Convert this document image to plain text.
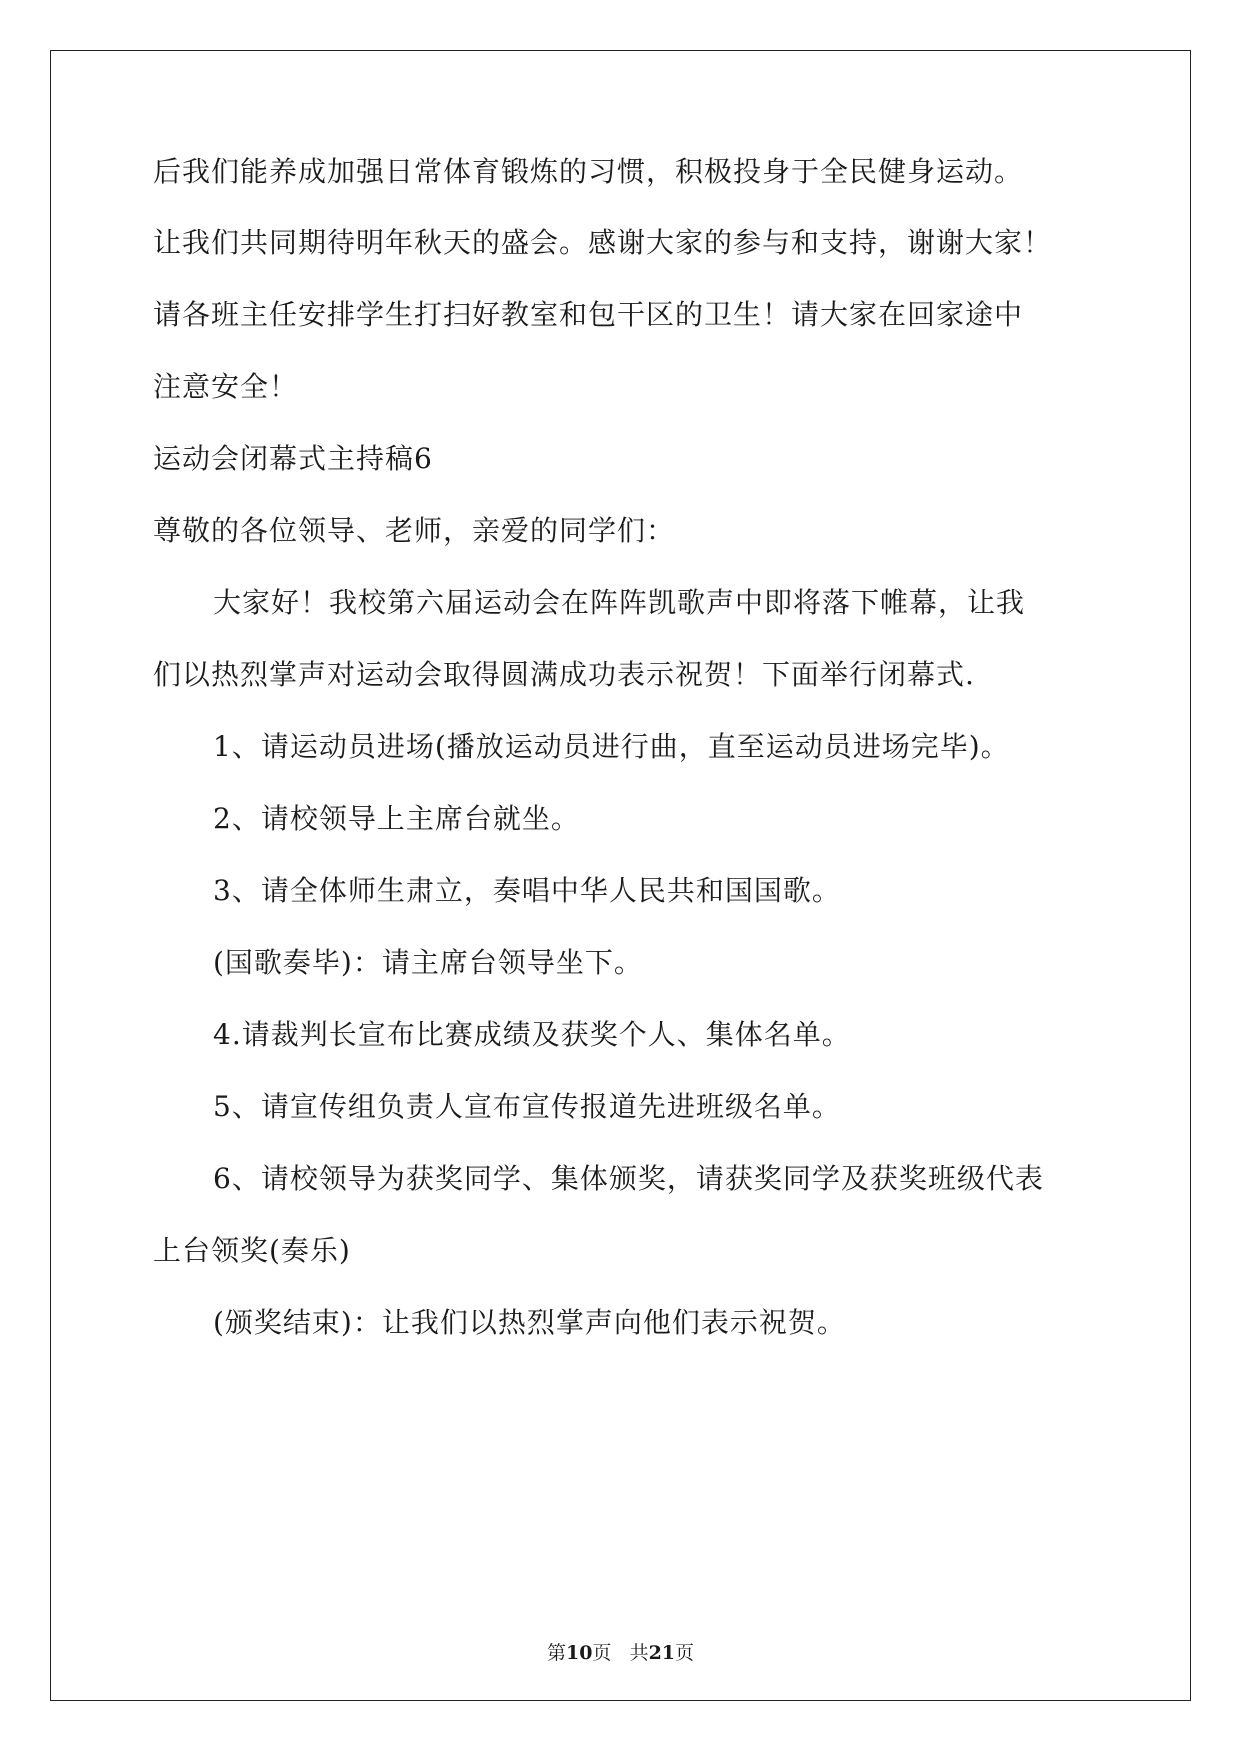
后我们能养成加强日常体育锻炼的习惯，积极投身于全民健身运动。
让我们共同期待明年秋天的盛会。感谢大家的参与和支持，谢谢大家！
请各班主任安排学生打扫好教室和包干区的卫生！请大家在回家途中
注意安全！
运动会闭幕式主持稿6
尊敬的各位领导、老师，亲爱的同学们：
大家好！我校第六届运动会在阵阵凯歌声中即将落下帷幕，让我
们以热烈掌声对运动会取得圆满成功表示祝贺！下面举行闭幕式.
1、请运动员进场(播放运动员进行曲，直至运动员进场完毕)。
2、请校领导上主席台就坐。
3、请全体师生肃立，奏唱中华人民共和国国歌。
(国歌奏毕)：请主席台领导坐下。
4.请裁判长宣布比赛成绩及获奖个人、集体名单。
5、请宣传组负责人宣布宣传报道先进班级名单。
6、请校领导为获奖同学、集体颁奖，请获奖同学及获奖班级代表
上台领奖(奏乐)
(颁奖结束)：让我们以热烈掌声向他们表示祝贺。
第10页 共21页
